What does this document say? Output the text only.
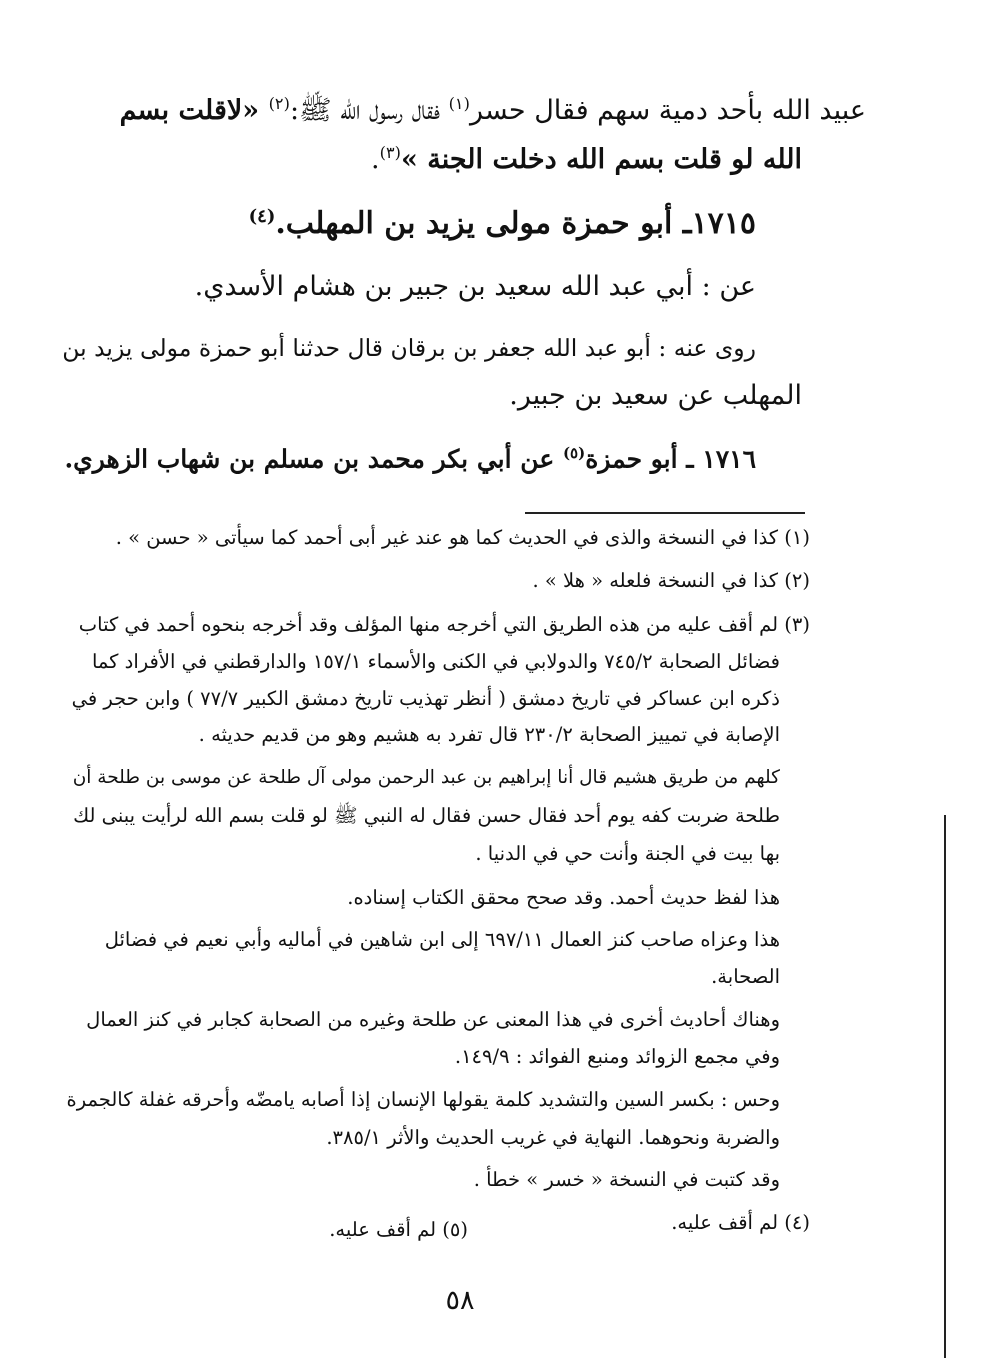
عبيد الله بأحد دمية سهم فقال حسر$^{(١)}$ فقال رسول الله ﷺ:$^{(٢)}$ «لاقلت بسم
الله لو قلت بسم الله دخلت الجنة »$^{(٣)}$.
١٧١٥ـ أبو حمزة مولى يزيد بن المهلب.$^{(٤)}$
عن : أبي عبد الله سعيد بن جبير بن هشام الأسدي.
روى عنه : أبو عبد الله جعفر بن برقان قال حدثنا أبو حمزة مولى يزيد بن
المهلب عن سعيد بن جبير.
١٧١٦ ـ أبو حمزة$^{(٥)}$ عن أبي بكر محمد بن مسلم بن شهاب الزهري.
(١) كذا في النسخة والذى في الحديث كما هو عند غير أبى أحمد كما سيأتى « حسن » .
(٢) كذا في النسخة فلعله « هلا » .
(٣) لم أقف عليه من هذه الطريق التي أخرجه منها المؤلف وقد أخرجه بنحوه أحمد في كتاب
فضائل الصحابة ٧٤٥/٢ والدولابي في الكنى والأسماء ١٥٧/١ والدارقطني في الأفراد كما
ذكره ابن عساكر في تاريخ دمشق ( أنظر تهذيب تاريخ دمشق الكبير ٧٧/٧ ) وابن حجر في
الإصابة في تمييز الصحابة ٢٣٠/٢ قال تفرد به هشيم وهو من قديم حديثه .
كلهم من طريق هشيم قال أنا إبراهيم بن عبد الرحمن مولى آل طلحة عن موسى بن طلحة أن
طلحة ضربت كفه يوم أحد فقال حسن فقال له النبي ﷺ لو قلت بسم الله لرأيت يبنى لك
بها بيت في الجنة وأنت حي في الدنيا .
هذا لفظ حديث أحمد. وقد صحح محقق الكتاب إسناده.
هذا وعزاه صاحب كنز العمال ٦٩٧/١١ إلى ابن شاهين في أماليه وأبي نعيم في فضائل
الصحابة.
وهناك أحاديث أخرى في هذا المعنى عن طلحة وغيره من الصحابة كجابر في كنز العمال
وفي مجمع الزوائد ومنبع الفوائد : ١٤٩/٩.
وحس : بكسر السين والتشديد كلمة يقولها الإنسان إذا أصابه يامضّه وأحرقه غفلة كالجمرة
والضربة ونحوهما. النهاية في غريب الحديث والأثر ٣٨٥/١.
وقد كتبت في النسخة « خسر » خطأ .
(٤) لم أقف عليه.
(٥) لم أقف عليه.
٥٨
